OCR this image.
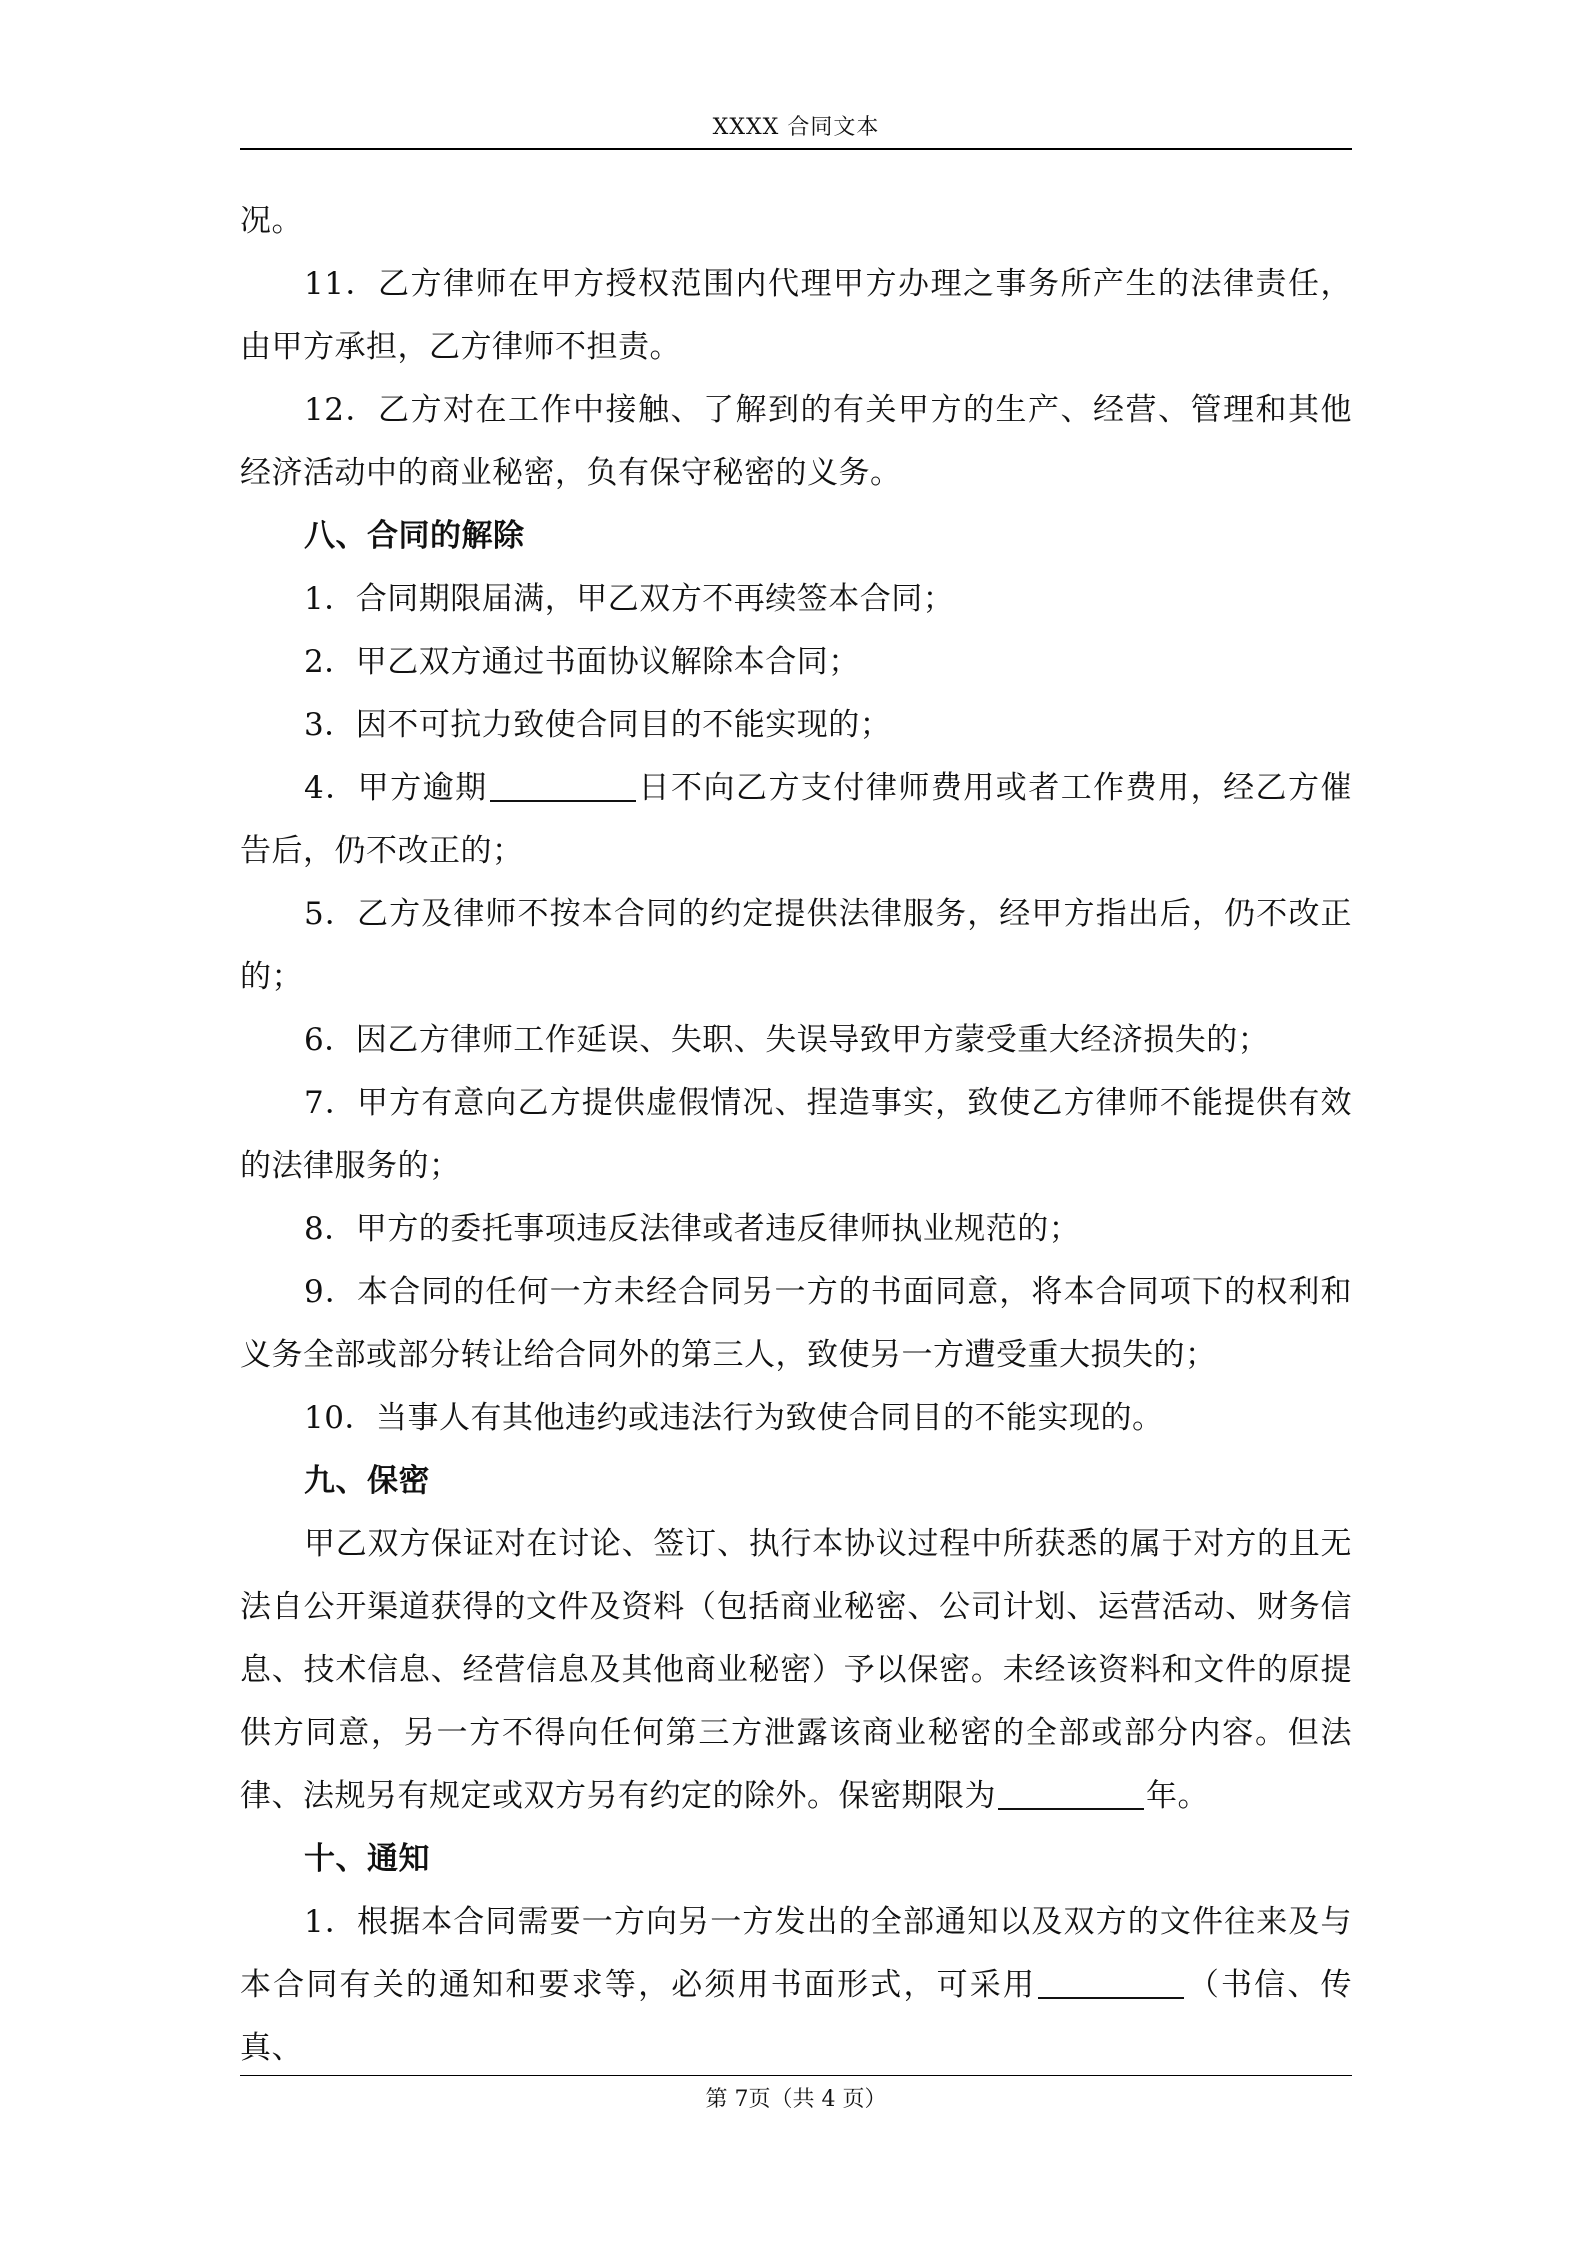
XXXX 合同文本

况。

11．乙方律师在甲方授权范围内代理甲方办理之事务所产生的法律责任，由甲方承担，乙方律师不担责。

12．乙方对在工作中接触、了解到的有关甲方的生产、经营、管理和其他经济活动中的商业秘密，负有保守秘密的义务。

八、合同的解除

1．合同期限届满，甲乙双方不再续签本合同；

2．甲乙双方通过书面协议解除本合同；

3．因不可抗力致使合同目的不能实现的；

4．甲方逾期	日不向乙方支付律师费用或者工作费用，经乙方催告后，仍不改正的；

5．乙方及律师不按本合同的约定提供法律服务，经甲方指出后，仍不改正的；

6．因乙方律师工作延误、失职、失误导致甲方蒙受重大经济损失的；

7．甲方有意向乙方提供虚假情况、捏造事实，致使乙方律师不能提供有效的法律服务的；

8．甲方的委托事项违反法律或者违反律师执业规范的；

9．本合同的任何一方未经合同另一方的书面同意，将本合同项下的权利和义务全部或部分转让给合同外的第三人，致使另一方遭受重大损失的；

10．当事人有其他违约或违法行为致使合同目的不能实现的。

九、保密

甲乙双方保证对在讨论、签订、执行本协议过程中所获悉的属于对方的且无法自公开渠道获得的文件及资料（包括商业秘密、公司计划、运营活动、财务信息、技术信息、经营信息及其他商业秘密）予以保密。未经该资料和文件的原提供方同意，另一方不得向任何第三方泄露该商业秘密的全部或部分内容。但法律、法规另有规定或双方另有约定的除外。保密期限为	年。

十、通知

1．根据本合同需要一方向另一方发出的全部通知以及双方的文件往来及与本合同有关的通知和要求等，必须用书面形式，可采用	（书信、传真、

第 7页（共 4 页）
